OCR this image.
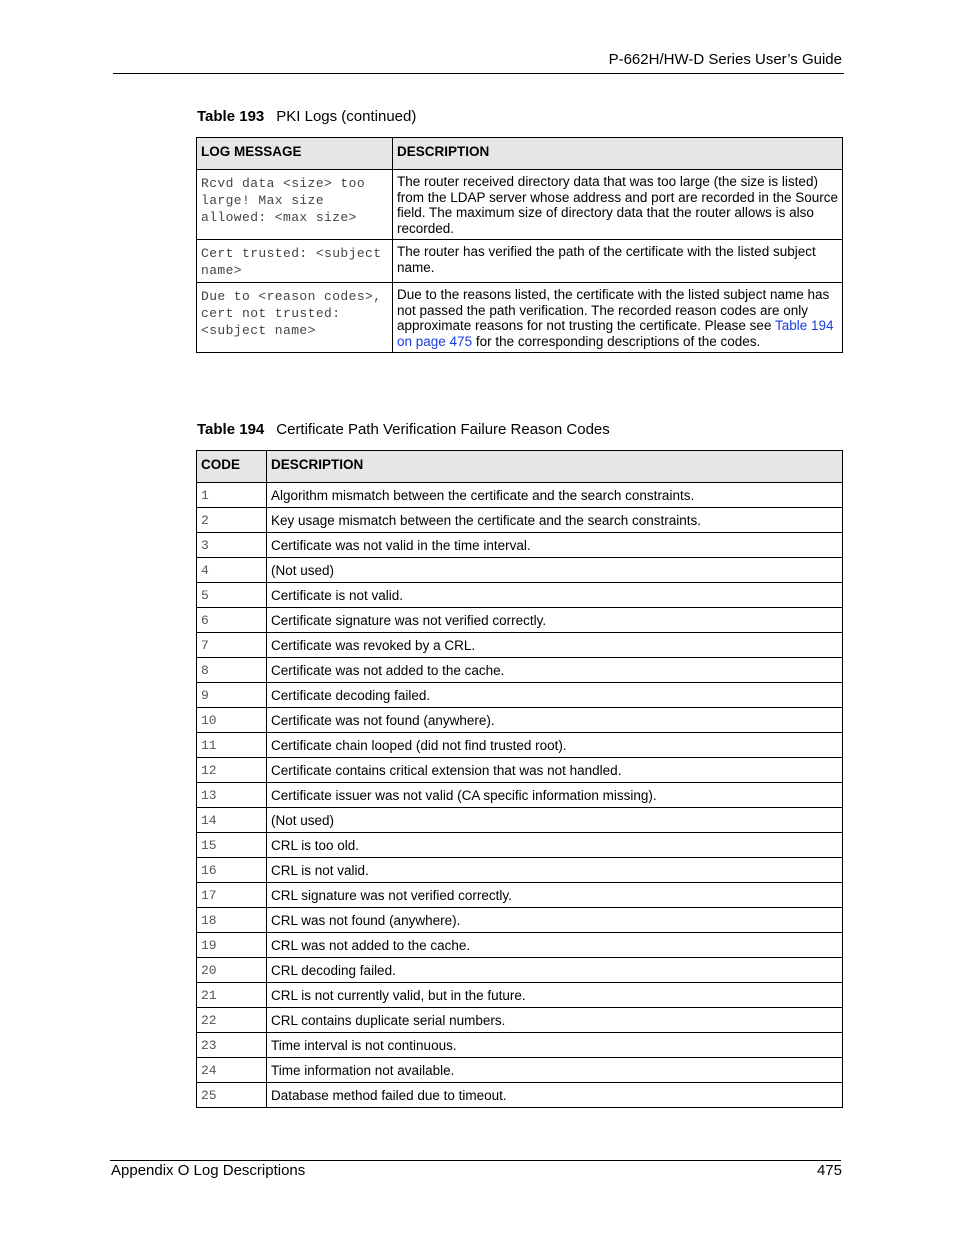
P-662H/HW-D Series User’s Guide
Table 193 PKI Logs (continued)
LOG MESSAGE	DESCRIPTION
Rcvd data <size> too large! Max size allowed: <max size>	The router received directory data that was too large (the size is listed) from the LDAP server whose address and port are recorded in the Source field. The maximum size of directory data that the router allows is also recorded.
Cert trusted: <subject name>	The router has verified the path of the certificate with the listed subject name.
Due to <reason codes>, cert not trusted: <subject name>	Due to the reasons listed, the certificate with the listed subject name has not passed the path verification. The recorded reason codes are only approximate reasons for not trusting the certificate. Please see Table 194 on page 475 for the corresponding descriptions of the codes.
Table 194 Certificate Path Verification Failure Reason Codes
CODE	DESCRIPTION
1	Algorithm mismatch between the certificate and the search constraints.
2	Key usage mismatch between the certificate and the search constraints.
3	Certificate was not valid in the time interval.
4	(Not used)
5	Certificate is not valid.
6	Certificate signature was not verified correctly.
7	Certificate was revoked by a CRL.
8	Certificate was not added to the cache.
9	Certificate decoding failed.
10	Certificate was not found (anywhere).
11	Certificate chain looped (did not find trusted root).
12	Certificate contains critical extension that was not handled.
13	Certificate issuer was not valid (CA specific information missing).
14	(Not used)
15	CRL is too old.
16	CRL is not valid.
17	CRL signature was not verified correctly.
18	CRL was not found (anywhere).
19	CRL was not added to the cache.
20	CRL decoding failed.
21	CRL is not currently valid, but in the future.
22	CRL contains duplicate serial numbers.
23	Time interval is not continuous.
24	Time information not available.
25	Database method failed due to timeout.
Appendix O Log Descriptions	475
